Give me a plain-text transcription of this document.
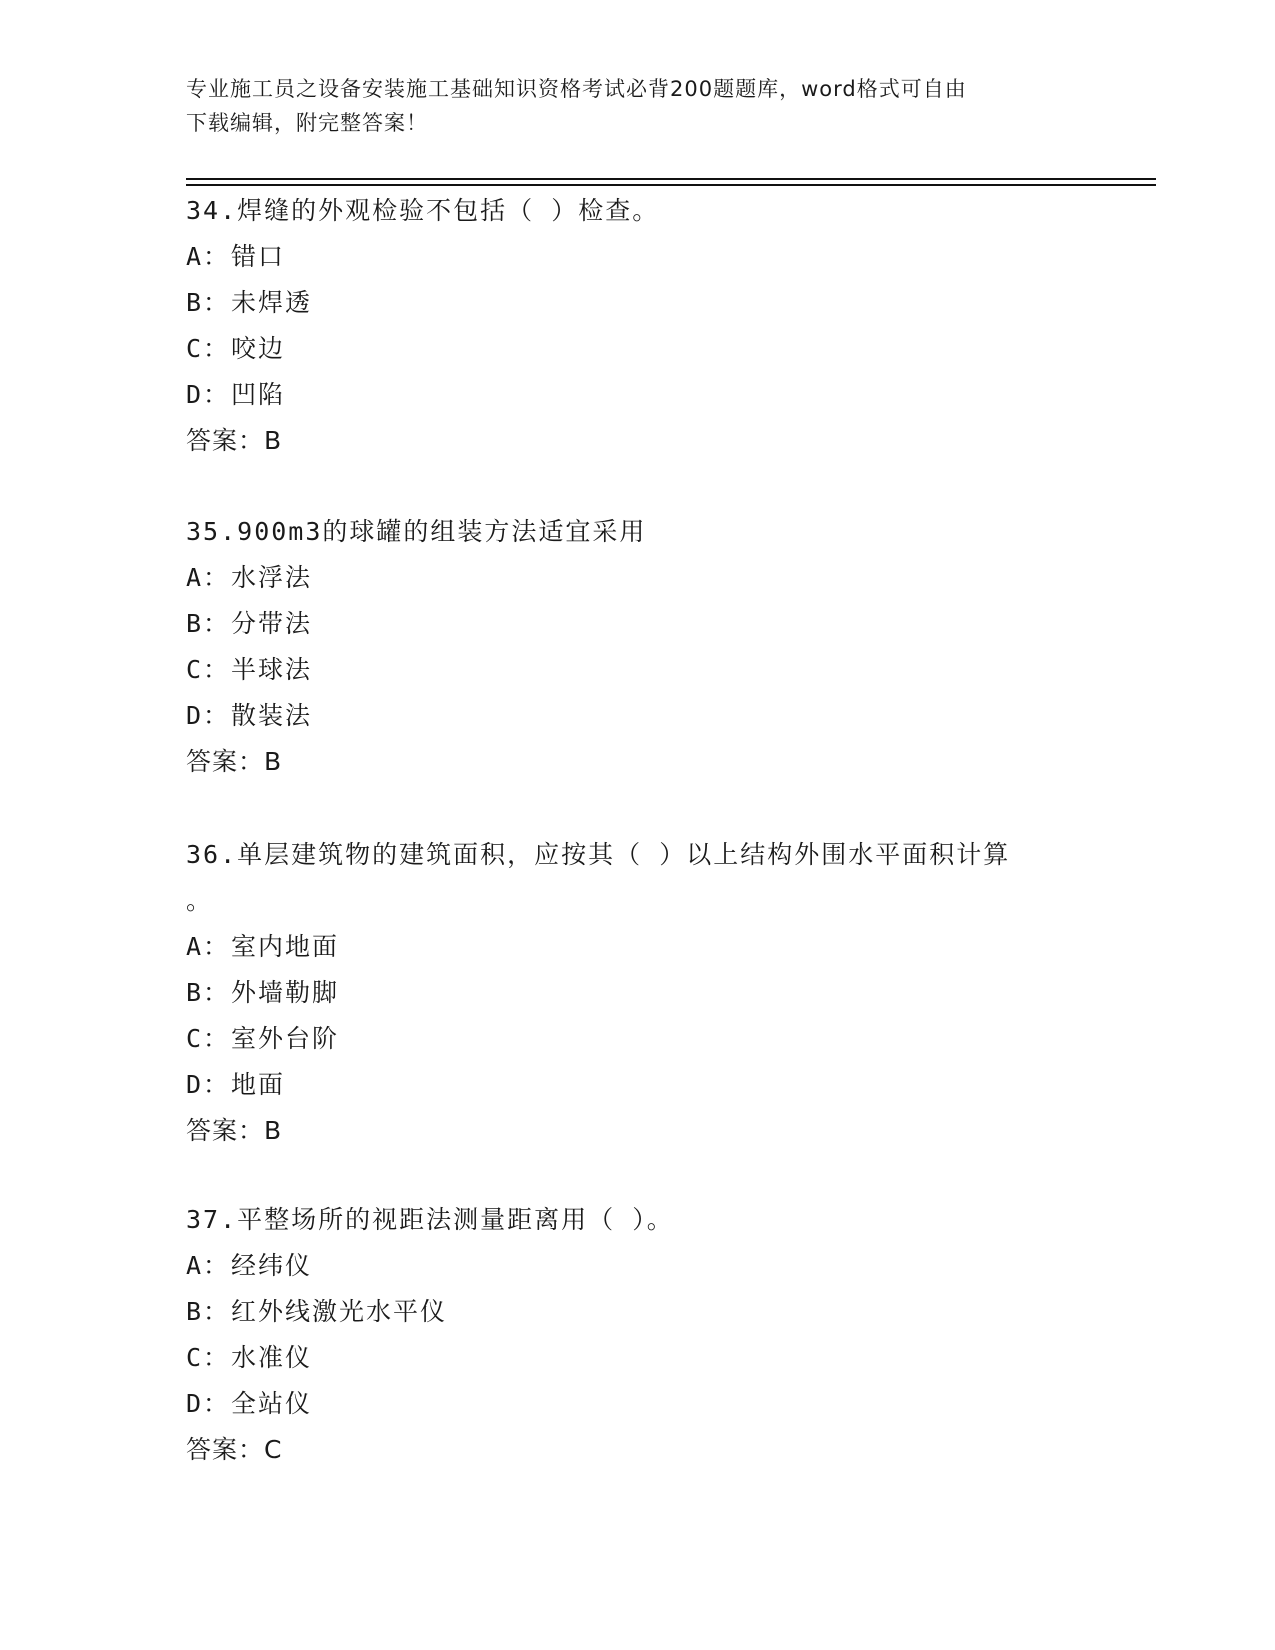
专业施工员之设备安装施工基础知识资格考试必背200题题库，word格式可自由
下载编辑，附完整答案！
34.焊缝的外观检验不包括（ ）检查。
A：错口
B：未焊透
C：咬边
D：凹陷
答案：B
35.900m3的球罐的组装方法适宜采用
A：水浮法
B：分带法
C：半球法
D：散装法
答案：B
36.单层建筑物的建筑面积，应按其（ ）以上结构外围水平面积计算
。
A：室内地面
B：外墙勒脚
C：室外台阶
D：地面
答案：B
37.平整场所的视距法测量距离用（ ）。
A：经纬仪
B：红外线激光水平仪
C：水准仪
D：全站仪
答案：C
